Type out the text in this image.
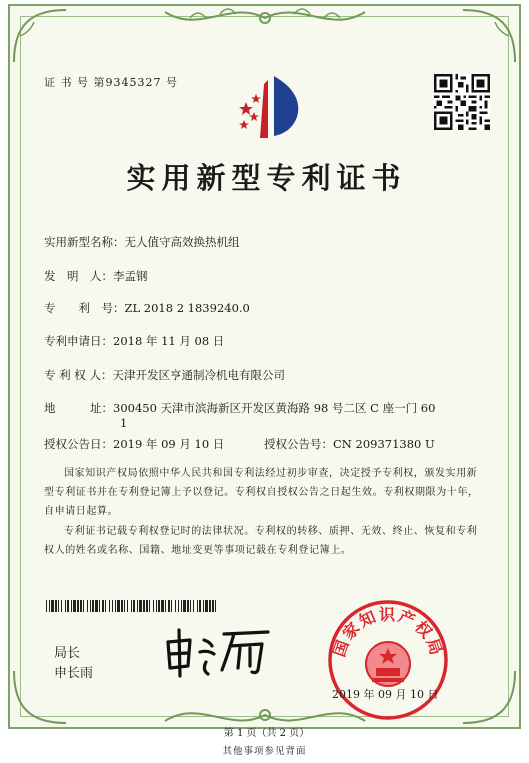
证 书 号 第9345327 号
实用新型专利证书
实用新型名称：无人值守高效换热机组
发　明　人：李孟钢
专　　利　号：ZL 2018 2 1839240.0
专利申请日：2018 年 11 月 08 日
专 利 权 人：天津开发区亨通制冷机电有限公司
地　　　址：300450 天津市滨海新区开发区黄海路 98 号二区 C 座一门 60
1
授权公告日：2019 年 09 月 10 日	授权公告号：CN 209371380 U
国家知识产权局依照中华人民共和国专利法经过初步审查，决定授予专利权，颁发实用新型专利证书并在专利登记簿上予以登记。专利权自授权公告之日起生效。专利权期限为十年，自申请日起算。
专利证书记载专利权登记时的法律状况。专利权的转移、质押、无效、终止、恢复和专利权人的姓名或名称、国籍、地址变更等事项记载在专利登记簿上。
局长
申长雨
国家知识产权局
2019 年 09 月 10 日
第 1 页（共 2 页）
其他事项参见背面
